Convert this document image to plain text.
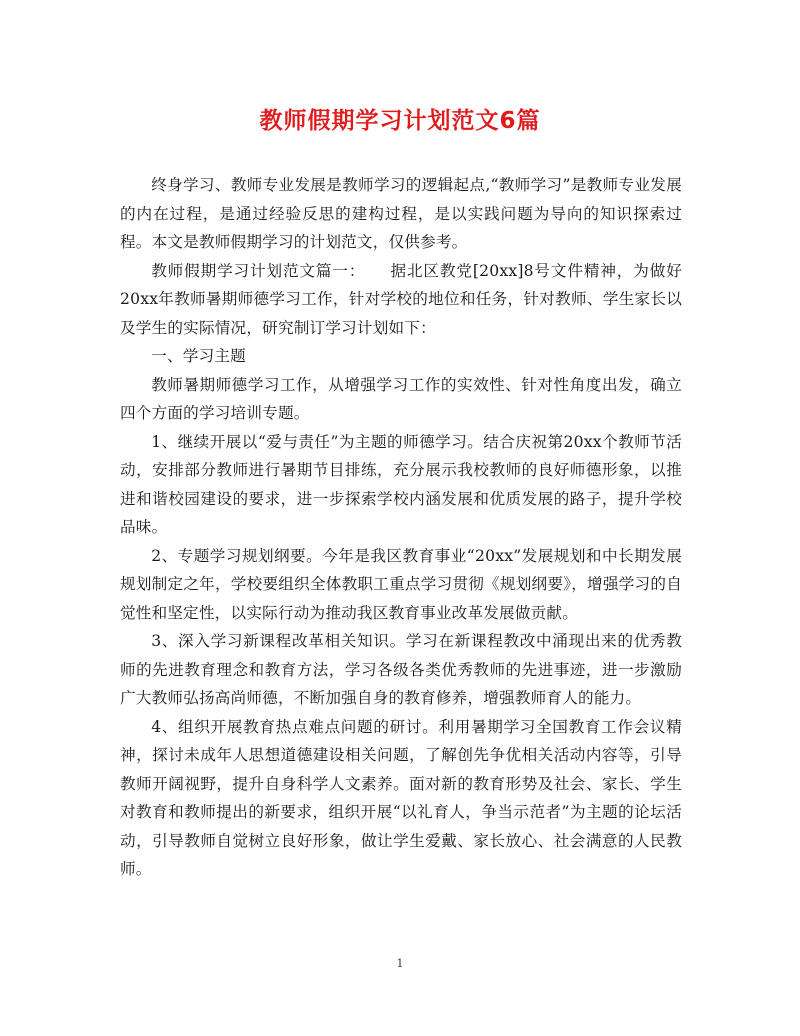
教师假期学习计划范文6篇

终身学习、教师专业发展是教师学习的逻辑起点,“教师学习”是教师专业发展的内在过程，是通过经验反思的建构过程，是以实践问题为导向的知识探索过程。本文是教师假期学习的计划范文，仅供参考。

教师假期学习计划范文篇一：　　据北区教党[20xx]8号文件精神，为做好20xx年教师暑期师德学习工作，针对学校的地位和任务，针对教师、学生家长以及学生的实际情况，研究制订学习计划如下：

一、学习主题

教师暑期师德学习工作，从增强学习工作的实效性、针对性角度出发，确立四个方面的学习培训专题。

1、继续开展以“爱与责任”为主题的师德学习。结合庆祝第20xx个教师节活动，安排部分教师进行暑期节目排练，充分展示我校教师的良好师德形象，以推进和谐校园建设的要求，进一步探索学校内涵发展和优质发展的路子，提升学校品味。

2、专题学习规划纲要。今年是我区教育事业“20xx”发展规划和中长期发展规划制定之年，学校要组织全体教职工重点学习贯彻《规划纲要》，增强学习的自觉性和坚定性，以实际行动为推动我区教育事业改革发展做贡献。

3、深入学习新课程改革相关知识。学习在新课程教改中涌现出来的优秀教师的先进教育理念和教育方法，学习各级各类优秀教师的先进事迹，进一步激励广大教师弘扬高尚师德，不断加强自身的教育修养，增强教师育人的能力。

4、组织开展教育热点难点问题的研讨。利用暑期学习全国教育工作会议精神，探讨未成年人思想道德建设相关问题，了解创先争优相关活动内容等，引导教师开阔视野，提升自身科学人文素养。面对新的教育形势及社会、家长、学生对教育和教师提出的新要求，组织开展“以礼育人，争当示范者”为主题的论坛活动，引导教师自觉树立良好形象，做让学生爱戴、家长放心、社会满意的人民教师。

1
